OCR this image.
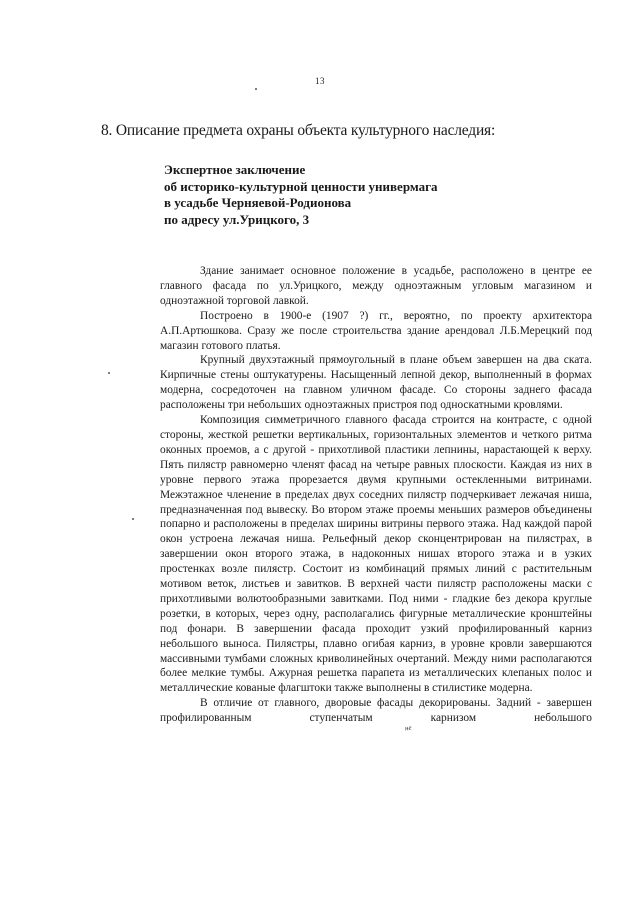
13
8. Описание предмета охраны объекта культурного наследия:
Экспертное заключение
об историко-культурной ценности универмага
в усадьбе Черняевой-Родионова
по адресу ул.Урицкого, 3

Здание занимает основное положение в усадьбе, расположено в центре ее главного фасада по ул.Урицкого, между одноэтажным угловым магазином и одноэтажной торговой лавкой.

Построено в 1900-е (1907 ?) гг., вероятно, по проекту архитектора А.П.Артюшкова. Сразу же после строительства здание арендовал Л.Б.Мерецкий под магазин готового платья.

Крупный двухэтажный прямоугольный в плане объем завершен на два ската. Кирпичные стены оштукатурены. Насыщенный лепной декор, выполненный в формах модерна, сосредоточен на главном уличном фасаде. Со стороны заднего фасада расположены три небольших одноэтажных пристроя под односкатными кровлями.

Композиция симметричного главного фасада строится на контрасте, с одной стороны, жесткой решетки вертикальных, горизонтальных элементов и четкого ритма оконных проемов, а с другой - прихотливой пластики лепнины, нарастающей к верху. Пять пилястр равномерно членят фасад на четыре равных плоскости. Каждая из них в уровне первого этажа прорезается двумя крупными остекленными витринами. Межэтажное членение в пределах двух соседних пилястр подчеркивает лежачая ниша, предназначенная под вывеску. Во втором этаже проемы меньших размеров объединены попарно и расположены в пределах ширины витрины первого этажа. Над каждой парой окон устроена лежачая ниша. Рельефный декор сконцентрирован на пилястрах, в завершении окон второго этажа, в надоконных нишах второго этажа и в узких простенках возле пилястр. Состоит из комбинаций прямых линий с растительным мотивом веток, листьев и завитков. В верхней части пилястр расположены маски с прихотливыми волютообразными завитками. Под ними - гладкие без декора круглые розетки, в которых, через одну, располагались фигурные металлические кронштейны под фонари. В завершении фасада проходит узкий профилированный карниз небольшого выноса. Пилястры, плавно огибая карниз, в уровне кровли завершаются массивными тумбами сложных криволинейных очертаний. Между ними располагаются более мелкие тумбы. Ажурная решетка парапета из металлических клепаных полос и металлические кованые флагштоки также выполнены в стилистике модерна.

В отличие от главного, дворовые фасады декорированы. Задний - завершен профилированным ступенчатым карнизом небольшого

не
